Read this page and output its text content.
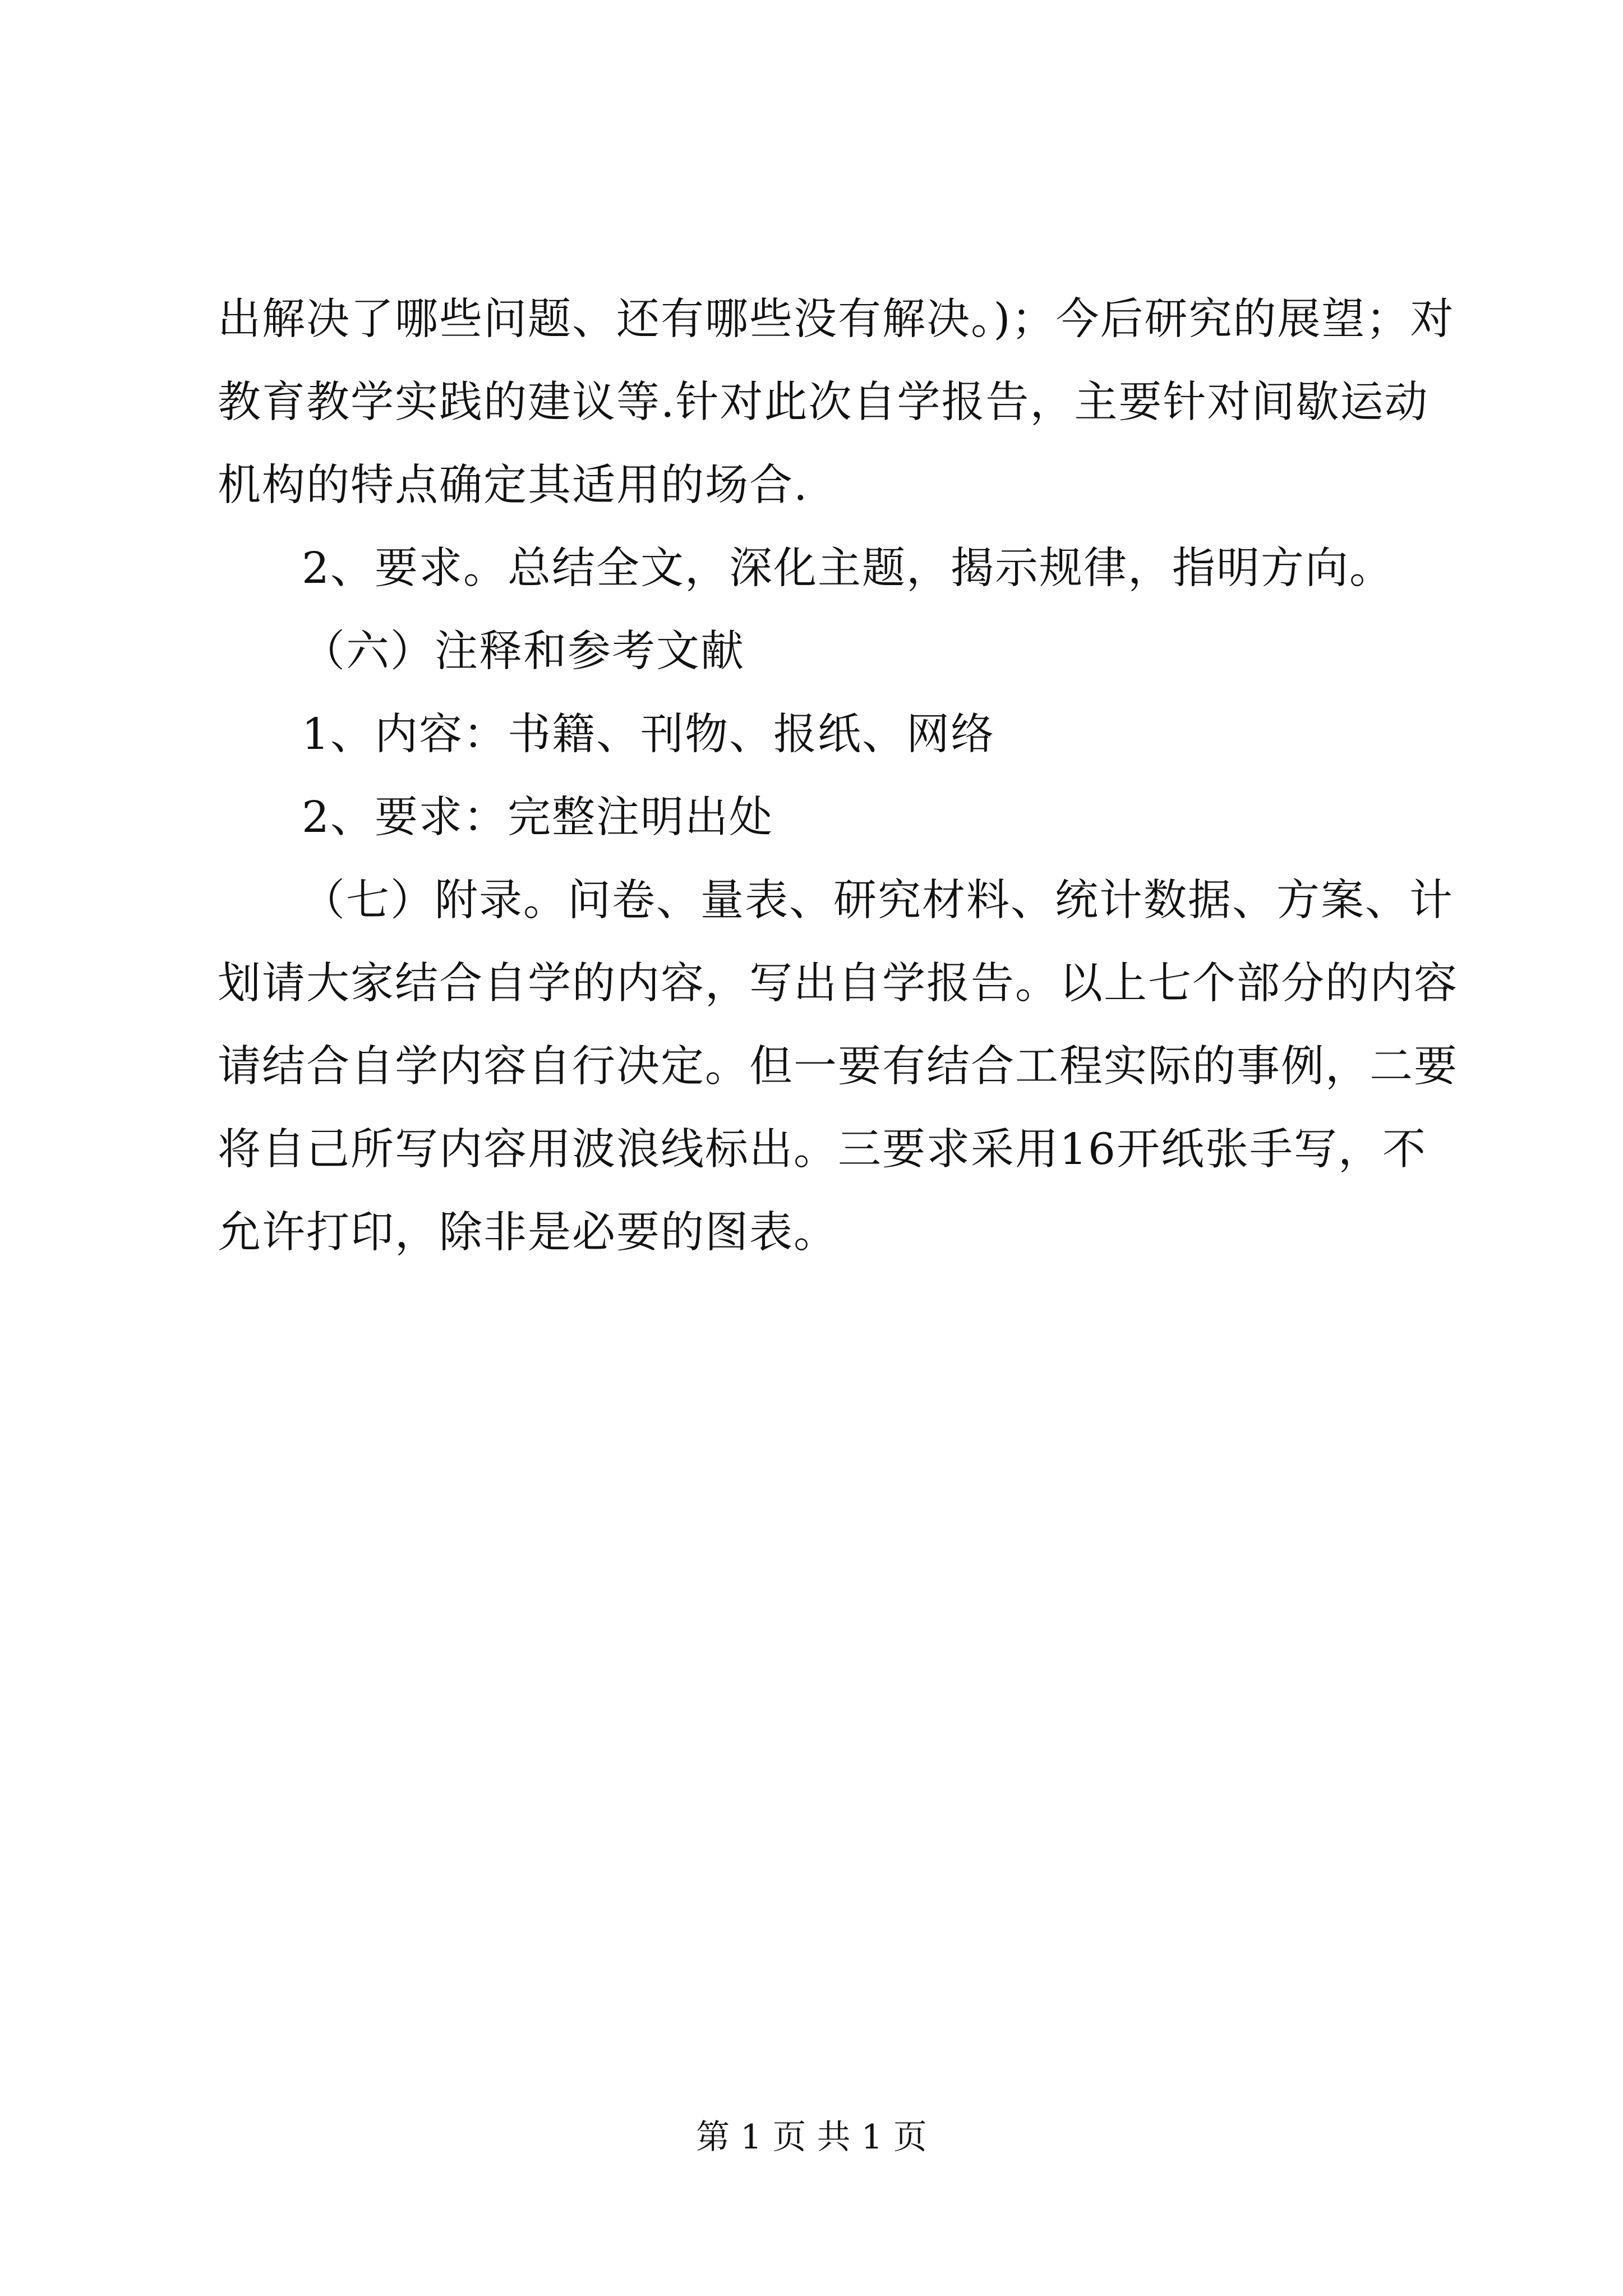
出解决了哪些问题、还有哪些没有解决。)；今后研究的展望；对
教育教学实践的建议等.针对此次自学报告，主要针对间歇运动
机构的特点确定其适用的场合.
2、要求。总结全文，深化主题，揭示规律，指明方向。
（六）注释和参考文献
1、内容：书籍、刊物、报纸、网络
2、要求：完整注明出处
（七）附录。问卷、量表、研究材料、统计数据、方案、计
划请大家结合自学的内容，写出自学报告。以上七个部分的内容
请结合自学内容自行决定。但一要有结合工程实际的事例，二要
将自己所写内容用波浪线标出。三要求采用16开纸张手写，不
允许打印，除非是必要的图表。
第 1 页 共 1 页
